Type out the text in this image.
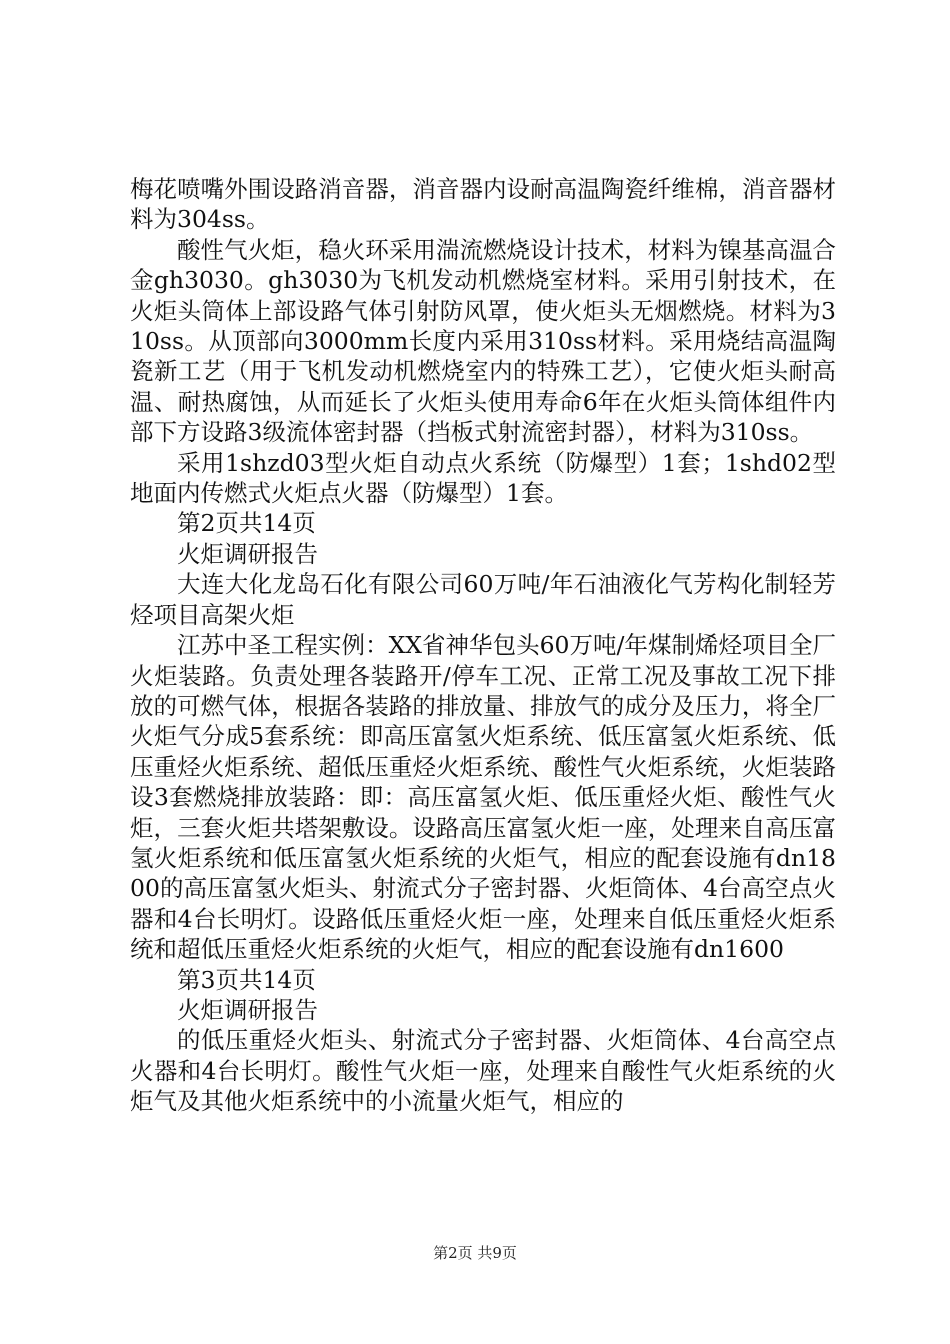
梅花喷嘴外围设路消音器，消音器内设耐高温陶瓷纤维棉，消音器材料为304ss。

酸性气火炬，稳火环采用湍流燃烧设计技术，材料为镍基高温合金gh3030。gh3030为飞机发动机燃烧室材料。采用引射技术，在火炬头筒体上部设路气体引射防风罩，使火炬头无烟燃烧。材料为310ss。从顶部向3000mm长度内采用310ss材料。采用烧结高温陶瓷新工艺（用于飞机发动机燃烧室内的特殊工艺），它使火炬头耐高温、耐热腐蚀，从而延长了火炬头使用寿命6年在火炬头筒体组件内部下方设路3级流体密封器（挡板式射流密封器），材料为310ss。

采用1shzd03型火炬自动点火系统（防爆型）1套；1shd02型地面内传燃式火炬点火器（防爆型）1套。

第2页共14页

火炬调研报告

大连大化龙岛石化有限公司60万吨/年石油液化气芳构化制轻芳烃项目高架火炬

江苏中圣工程实例：XX省神华包头60万吨/年煤制烯烃项目全厂火炬装路。负责处理各装路开/停车工况、正常工况及事故工况下排放的可燃气体，根据各装路的排放量、排放气的成分及压力，将全厂火炬气分成5套系统：即高压富氢火炬系统、低压富氢火炬系统、低压重烃火炬系统、超低压重烃火炬系统、酸性气火炬系统，火炬装路设3套燃烧排放装路：即：高压富氢火炬、低压重烃火炬、酸性气火炬，三套火炬共塔架敷设。设路高压富氢火炬一座，处理来自高压富氢火炬系统和低压富氢火炬系统的火炬气，相应的配套设施有dn1800的高压富氢火炬头、射流式分子密封器、火炬筒体、4台高空点火器和4台长明灯。设路低压重烃火炬一座，处理来自低压重烃火炬系统和超低压重烃火炬系统的火炬气，相应的配套设施有dn1600

第3页共14页

火炬调研报告

的低压重烃火炬头、射流式分子密封器、火炬筒体、4台高空点火器和4台长明灯。酸性气火炬一座，处理来自酸性气火炬系统的火炬气及其他火炬系统中的小流量火炬气，相应的

第2页 共9页
